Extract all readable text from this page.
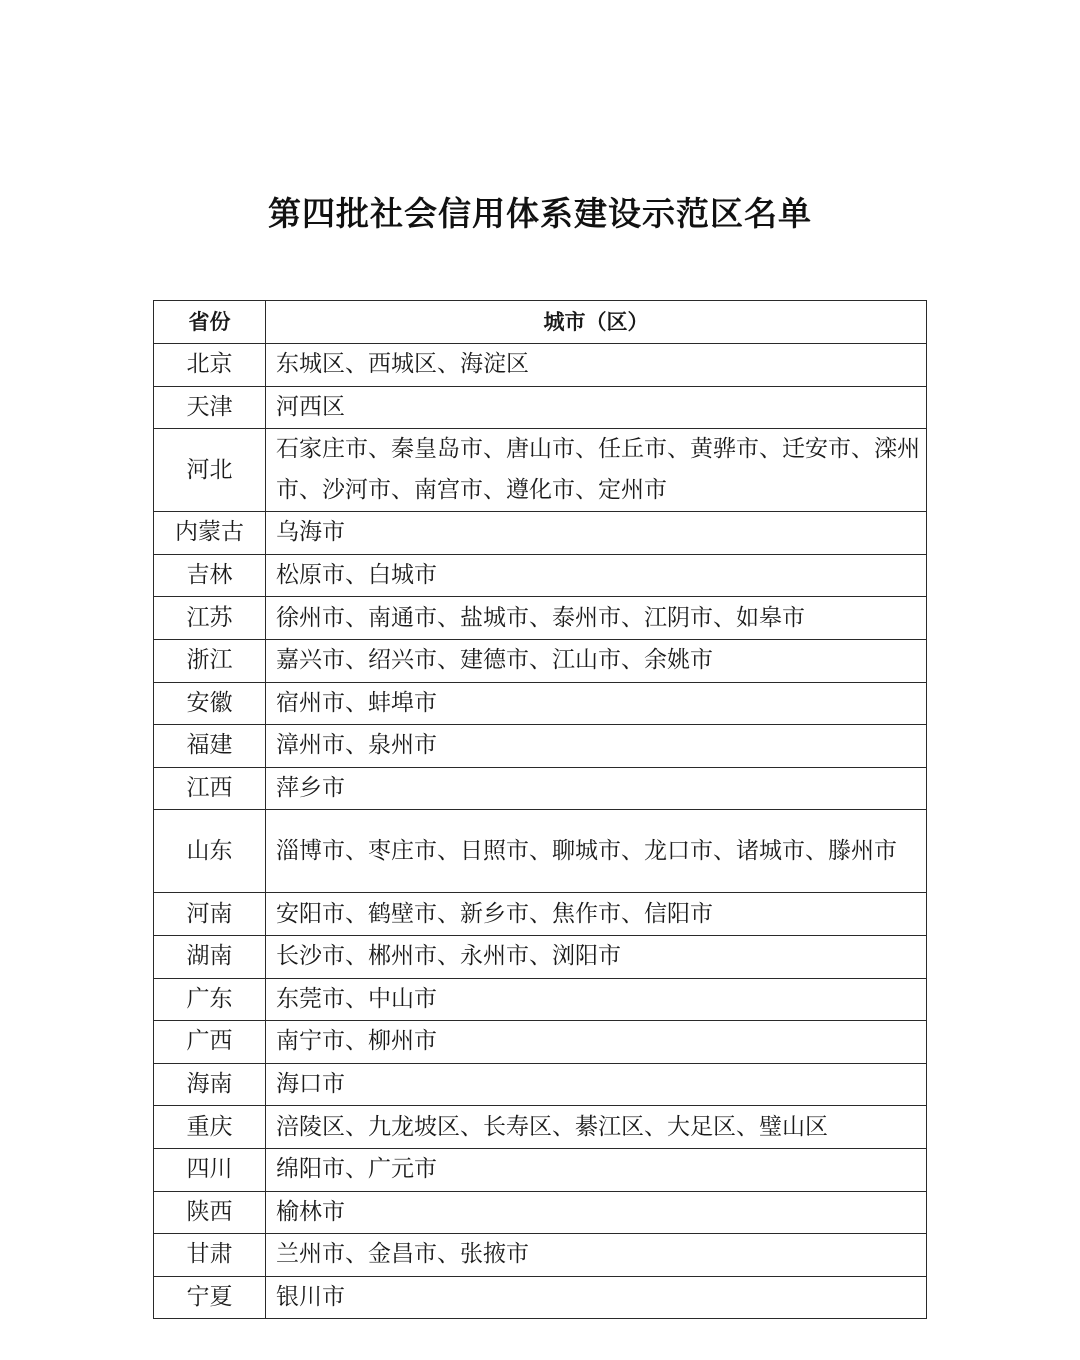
第四批社会信用体系建设示范区名单
省份	城市（区）
北京	东城区、西城区、海淀区
天津	河西区
河北	石家庄市、秦皇岛市、唐山市、任丘市、黄骅市、迁安市、滦州市、沙河市、南宫市、遵化市、定州市
内蒙古	乌海市
吉林	松原市、白城市
江苏	徐州市、南通市、盐城市、泰州市、江阴市、如皋市
浙江	嘉兴市、绍兴市、建德市、江山市、余姚市
安徽	宿州市、蚌埠市
福建	漳州市、泉州市
江西	萍乡市
山东	淄博市、枣庄市、日照市、聊城市、龙口市、诸城市、滕州市
河南	安阳市、鹤壁市、新乡市、焦作市、信阳市
湖南	长沙市、郴州市、永州市、浏阳市
广东	东莞市、中山市
广西	南宁市、柳州市
海南	海口市
重庆	涪陵区、九龙坡区、长寿区、綦江区、大足区、璧山区
四川	绵阳市、广元市
陕西	榆林市
甘肃	兰州市、金昌市、张掖市
宁夏	银川市
